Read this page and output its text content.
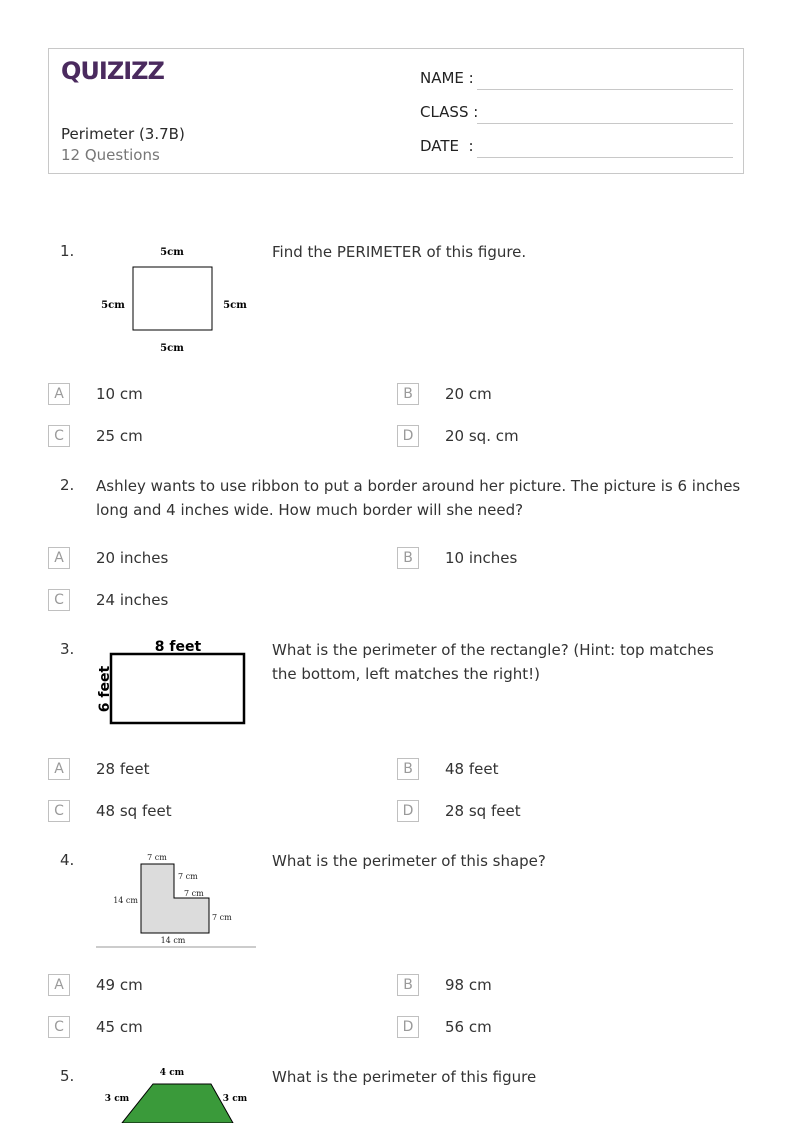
QUIZIZZ
Perimeter (3.7B)
12 Questions
NAME :
CLASS :
DATE  :
1.	5cm
5cm	5cm
5cm
Find the PERIMETER of this figure.
A	10 cm	B	20 cm
C	25 cm	D	20 sq. cm
2. Ashley wants to use ribbon to put a border around her picture. The picture is 6 inches long and 4 inches wide. How much border will she need?
A	20 inches	B	10 inches
C	24 inches
3.	8 feet
6 feet
What is the perimeter of the rectangle? (Hint: top matches the bottom, left matches the right!)
A	28 feet	B	48 feet
C	48 sq feet	D	28 sq feet
4.	7 cm
7 cm
7 cm
14 cm
7 cm
14 cm
What is the perimeter of this shape?
A	49 cm	B	98 cm
C	45 cm	D	56 cm
5.	4 cm
3 cm	3 cm
What is the perimeter of this figure
